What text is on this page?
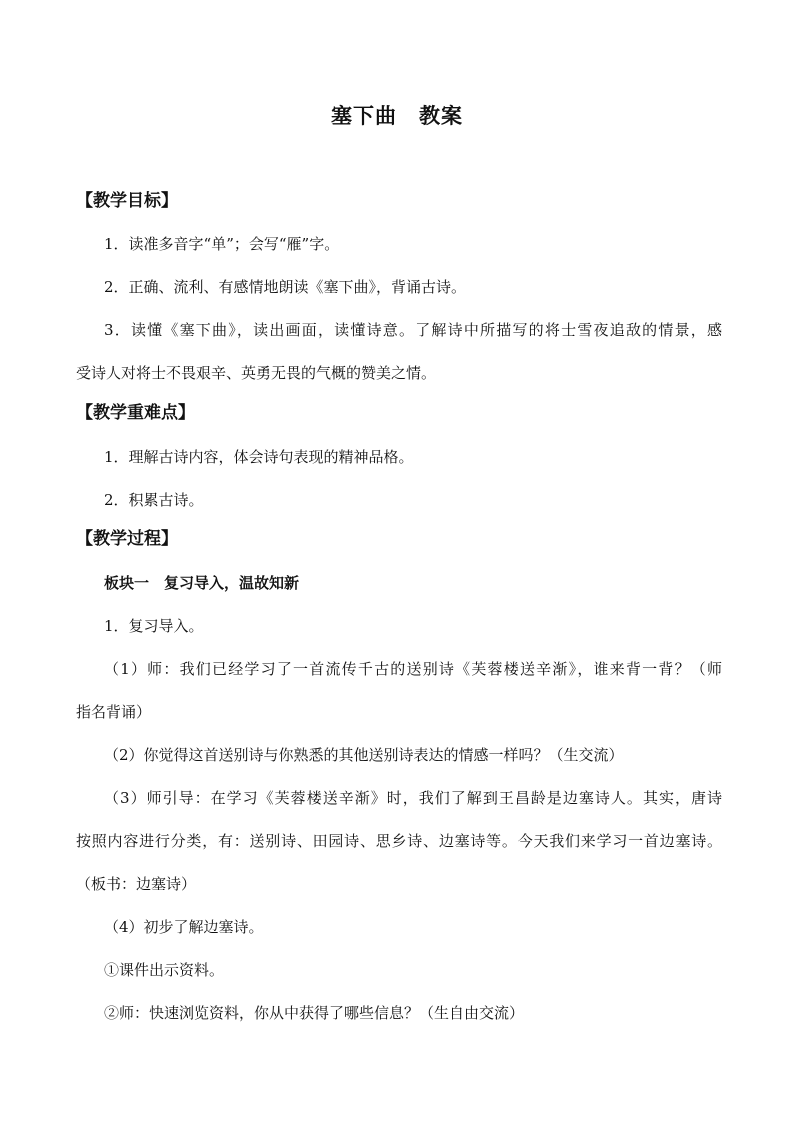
塞下曲　教案
【教学目标】
1．读准多音字“单”；会写“雁”字。
2．正确、流利、有感情地朗读《塞下曲》，背诵古诗。
3．读懂《塞下曲》，读出画面，读懂诗意。了解诗中所描写的将士雪夜追敌的情景，感
受诗人对将士不畏艰辛、英勇无畏的气概的赞美之情。
【教学重难点】
1．理解古诗内容，体会诗句表现的精神品格。
2．积累古诗。
【教学过程】
板块一　复习导入，温故知新
1．复习导入。
（1）师：我们已经学习了一首流传千古的送别诗《芙蓉楼送辛渐》，谁来背一背？（师
指名背诵）
（2）你觉得这首送别诗与你熟悉的其他送别诗表达的情感一样吗？（生交流）
（3）师引导：在学习《芙蓉楼送辛渐》时，我们了解到王昌龄是边塞诗人。其实，唐诗
按照内容进行分类，有：送别诗、田园诗、思乡诗、边塞诗等。今天我们来学习一首边塞诗。
（板书：边塞诗）
（4）初步了解边塞诗。
①课件出示资料。
②师：快速浏览资料，你从中获得了哪些信息？（生自由交流）
